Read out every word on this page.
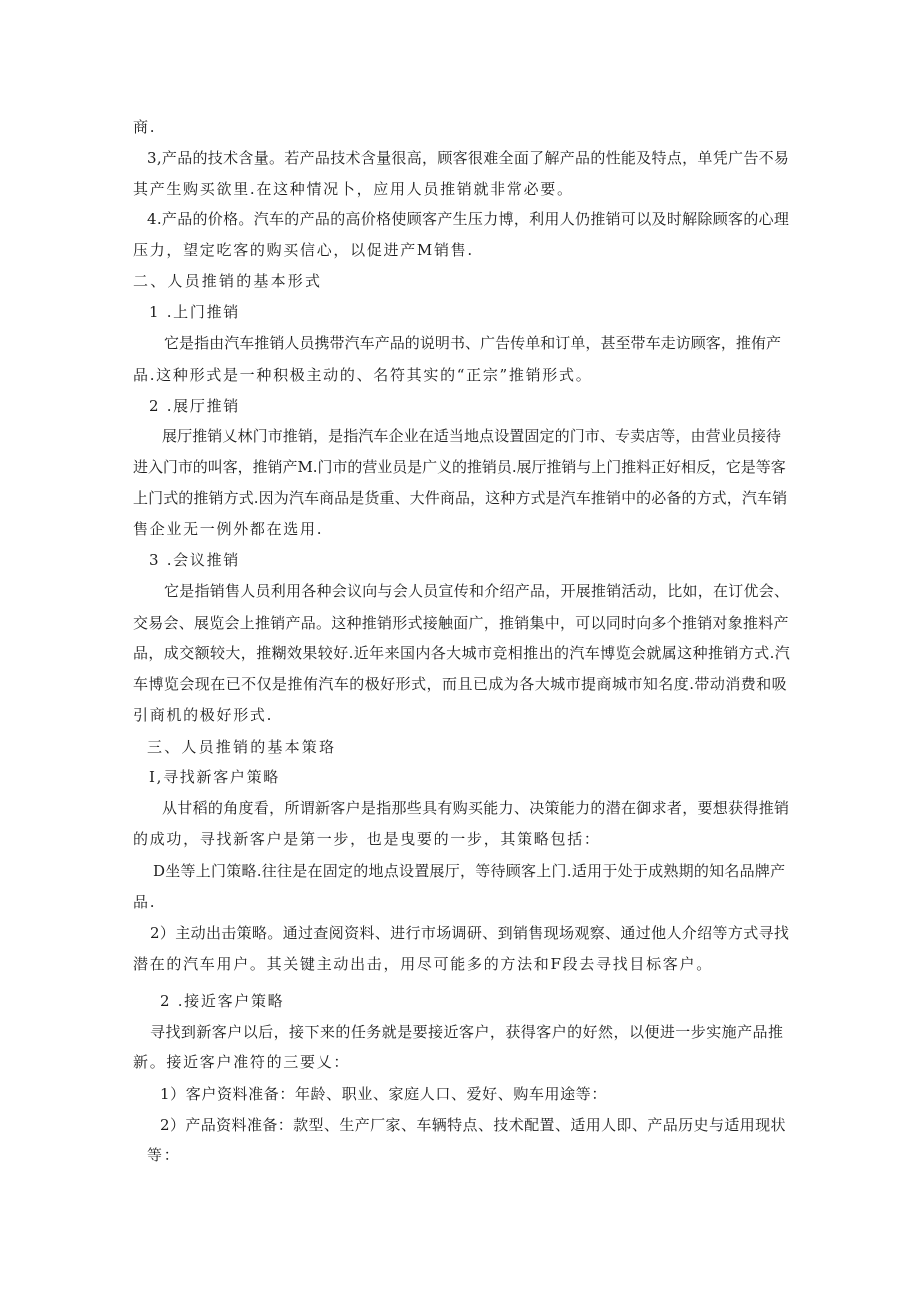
商.
3,产品的技术含量。若产品技术含量很高，顾客很难全面了解产品的性能及特点，单凭广告不易
其产生购买欲里.在这种情况卜，应用人员推销就非常必要。
4.产品的价格。汽车的产品的高价格使顾客产生压力博，利用人仍推销可以及时解除顾客的心理
压力，望定吃客的购买信心，以促进产M销售.
二、人员推销的基本形式
1 .上门推销
它是指由汽车推销人员携带汽车产品的说明书、广告传单和订单，甚至带车走访顾客，推侑产
品.这种形式是一种积极主动的、名符其实的“正宗”推销形式。
2 .展厅推销
展厅推销乂林门市推销，是指汽车企业在适当地点设置固定的门市、专卖店等，由营业员接待
进入门市的叫客，推销产M.门市的营业员是广义的推销员.展厅推销与上门推料正好相反，它是等客
上门式的推销方式.因为汽车商品是货重、大件商品，这种方式是汽车推销中的必备的方式，汽车销
售企业无一例外都在选用.
3 .会议推销
它是指销售人员利用各种会议向与会人员宣传和介绍产品，开展推销活动，比如，在订优会、
交易会、展览会上推销产品。这种推销形式接触面广，推销集中，可以同时向多个推销对象推料产
品，成交额较大，推糊效果较好.近年来国内各大城市竞相推出的汽车博览会就属这种推销方式.汽
车博览会现在已不仅是推侑汽车的极好形式，而且已成为各大城市提商城市知名度.带动消费和吸
引商机的极好形式.
三、人员推销的基本策珞
I,寻找新客户策略
从甘稻的角度看，所谓新客户是指那些具有购买能力、决策能力的潜在御求者，要想获得推销
的成功，寻找新客户是第一步，也是曳要的一步，其策略包括：
D坐等上门策略.往往是在固定的地点设置展厅，等待顾客上门.适用于处于成熟期的知名品牌产
品.
2）主动出击策略。通过查阅资料、进行市场调研、到销售现场观察、通过他人介绍等方式寻找
潜在的汽车用户。其关键主动出击，用尽可能多的方法和F段去寻找目标客户。
2 .接近客户策略
寻找到新客户以后，接下来的任务就是要接近客户，获得客户的好然，以便进一步实施产品推
新。接近客户准符的三要乂：
1）客户资料准备：年龄、职业、家庭人口、爱好、购车用途等：
2）产品资料准备：款型、生产厂家、车辆特点、技术配置、适用人即、产品历史与适用现状
等：
